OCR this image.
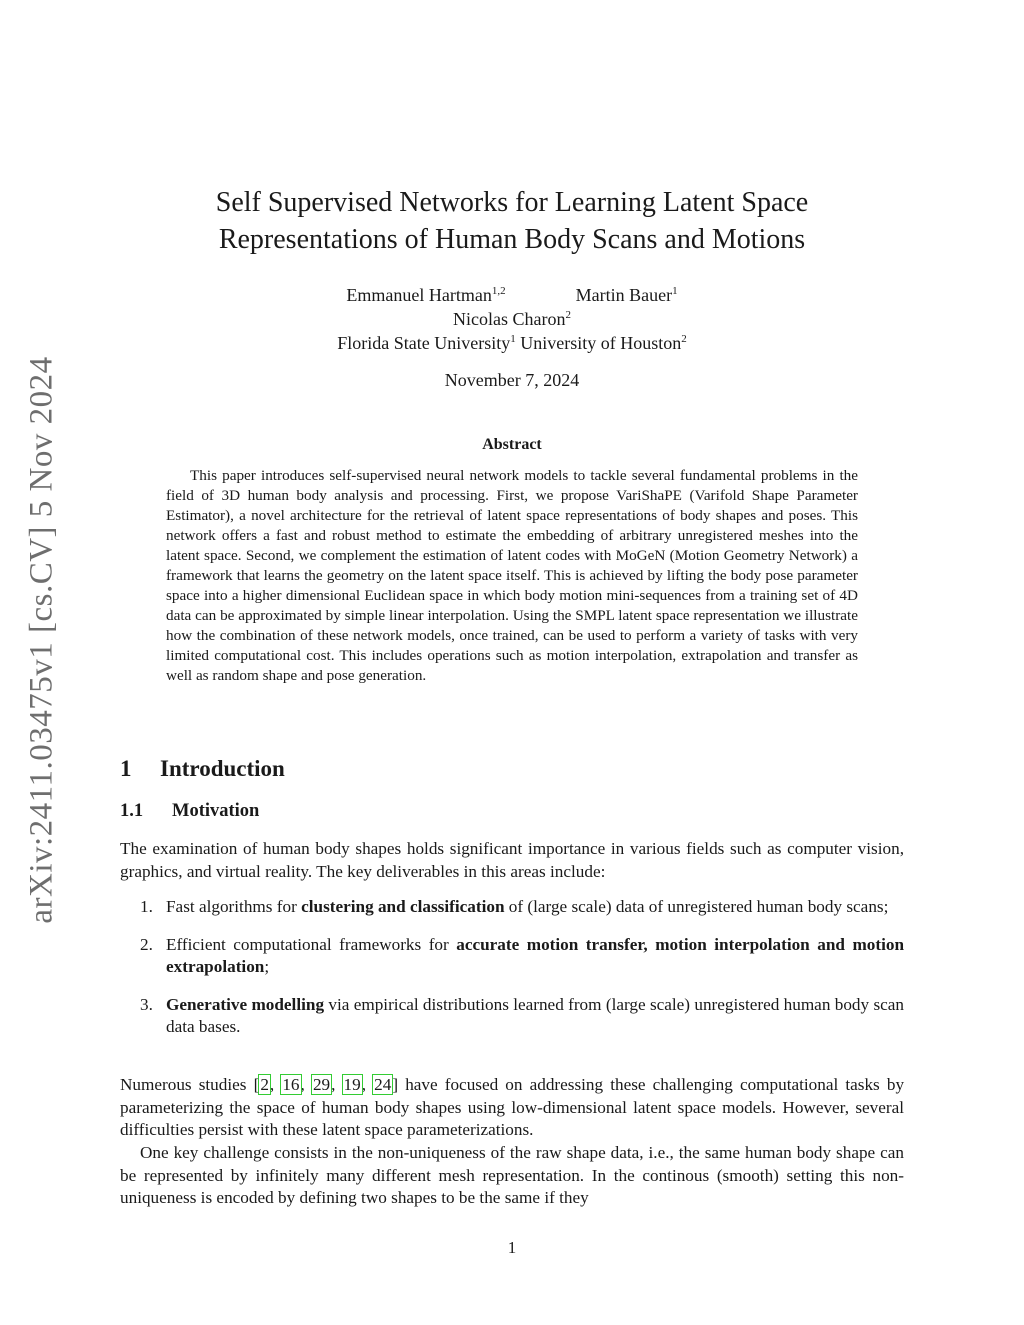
arXiv:2411.03475v1 [cs.CV] 5 Nov 2024
Self Supervised Networks for Learning Latent Space
Representations of Human Body Scans and Motions
Emmanuel Hartman$^{1,2}$	Martin Bauer$^1$
Nicolas Charon$^2$
Florida State University$^1$ University of Houston$^2$
November 7, 2024
Abstract

This paper introduces self-supervised neural network models to tackle several fundamental problems in the field of 3D human body analysis and processing. First, we propose VariShaPE (Varifold Shape Parameter Estimator), a novel architecture for the retrieval of latent space representations of body shapes and poses. This network offers a fast and robust method to estimate the embedding of arbitrary unregistered meshes into the latent space. Second, we complement the estimation of latent codes with MoGeN (Motion Geometry Network) a framework that learns the geometry on the latent space itself. This is achieved by lifting the body pose parameter space into a higher dimensional Euclidean space in which body motion mini-sequences from a training set of 4D data can be approximated by simple linear interpolation. Using the SMPL latent space representation we illustrate how the combination of these network models, once trained, can be used to perform a variety of tasks with very limited computational cost. This includes operations such as motion interpolation, extrapolation and transfer as well as random shape and pose generation.

1 Introduction
1.1 Motivation

The examination of human body shapes holds significant importance in various fields such as computer vision, graphics, and virtual reality. The key deliverables in this areas include:

1. Fast algorithms for clustering and classification of (large scale) data of unregistered human body scans;
2. Efficient computational frameworks for accurate motion transfer, motion interpolation and motion extrapolation;
3. Generative modelling via empirical distributions learned from (large scale) unregistered human body scan data bases.

Numerous studies [2, 16, 29, 19, 24] have focused on addressing these challenging computational tasks by parameterizing the space of human body shapes using low-dimensional latent space models. However, several difficulties persist with these latent space parameterizations.

One key challenge consists in the non-uniqueness of the raw shape data, i.e., the same human body shape can be represented by infinitely many different mesh representation. In the continous (smooth) setting this non-uniqueness is encoded by defining two shapes to be the same if they

1
